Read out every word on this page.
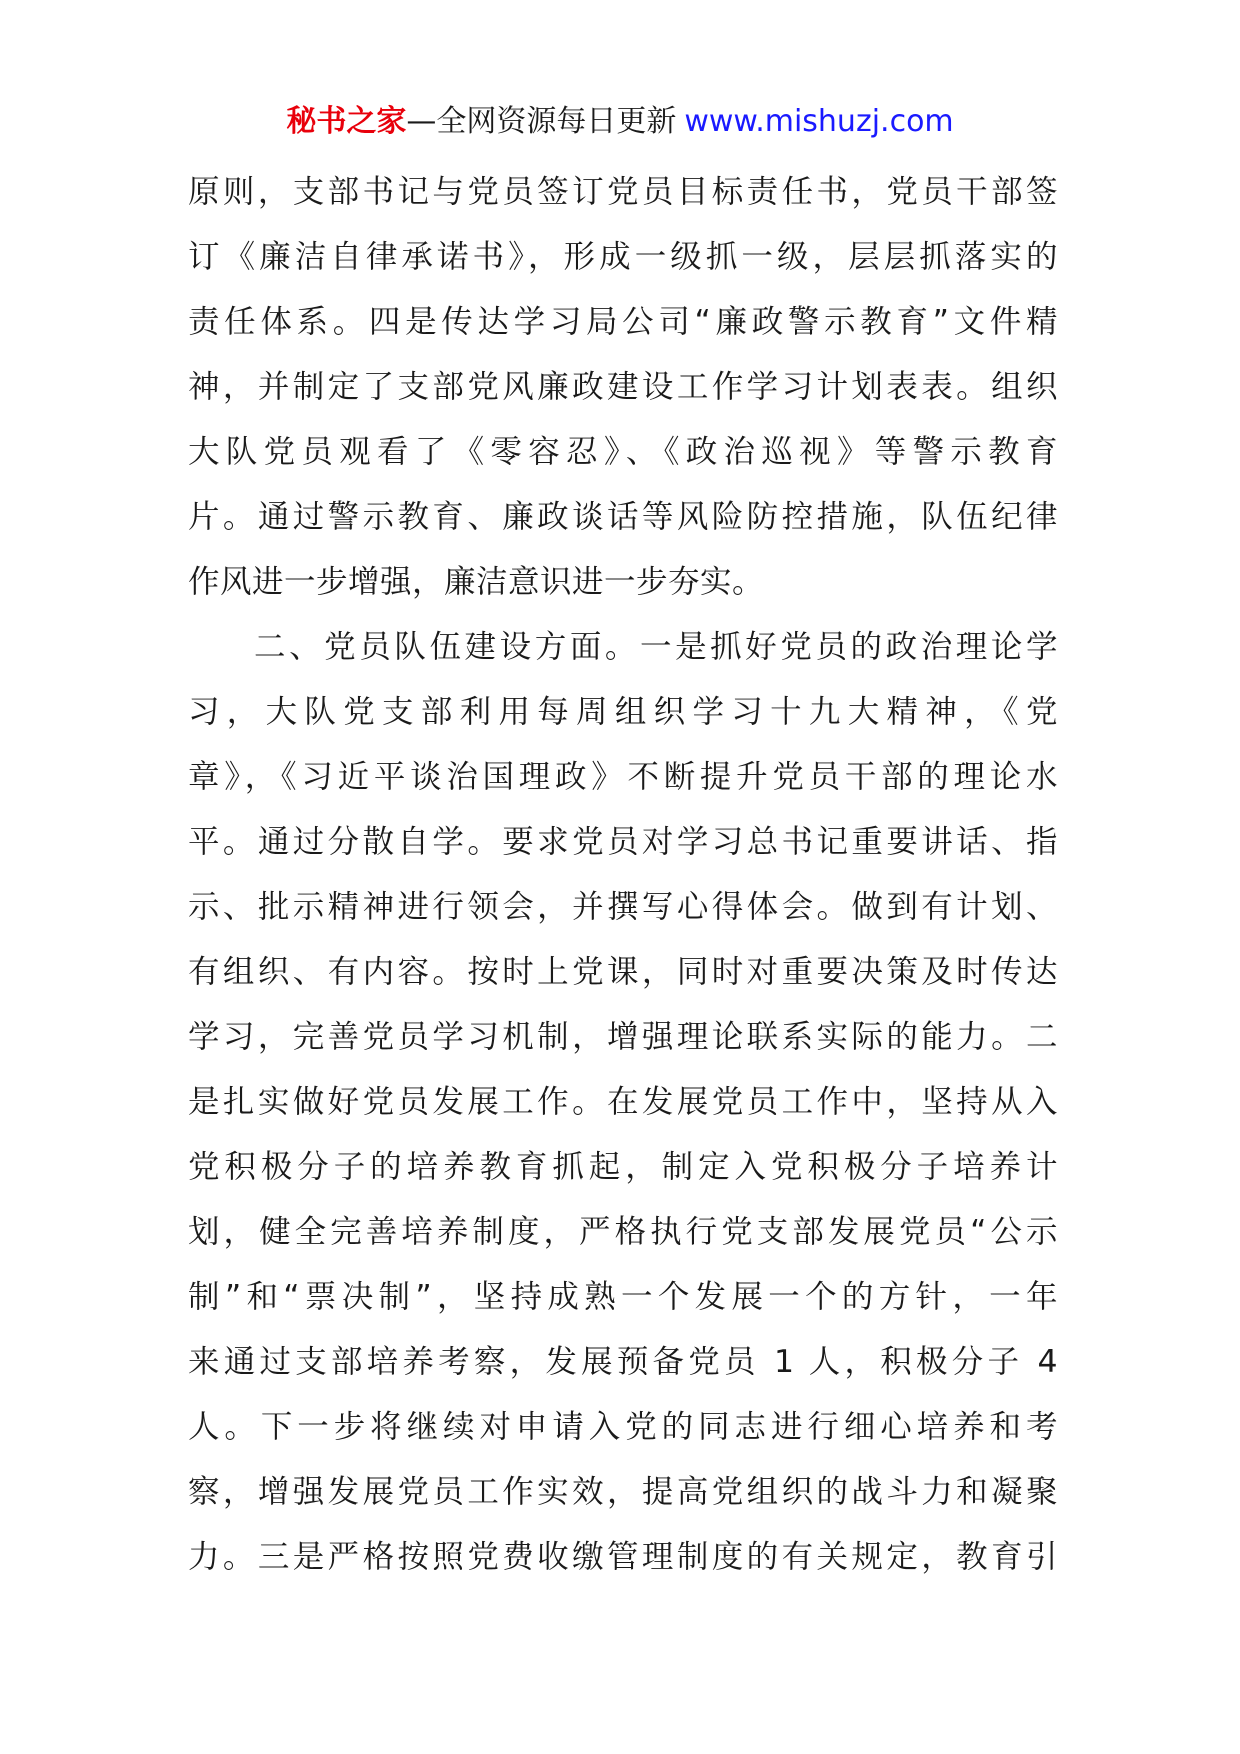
秘书之家—全网资源每日更新 www.mishuzj.com
原则，支部书记与党员签订党员目标责任书，党员干部签
订《廉洁自律承诺书》，形成一级抓一级，层层抓落实的
责任体系。四是传达学习局公司“廉政警示教育”文件精
神，并制定了支部党风廉政建设工作学习计划表表。组织
大队党员观看了《零容忍》、《政治巡视》等警示教育
片。通过警示教育、廉政谈话等风险防控措施，队伍纪律
作风进一步增强，廉洁意识进一步夯实。
二、党员队伍建设方面。一是抓好党员的政治理论学
习，大队党支部利用每周组织学习十九大精神，《党
章》，《习近平谈治国理政》不断提升党员干部的理论水
平。通过分散自学。要求党员对学习总书记重要讲话、指
示、批示精神进行领会，并撰写心得体会。做到有计划、
有组织、有内容。按时上党课，同时对重要决策及时传达
学习，完善党员学习机制，增强理论联系实际的能力。二
是扎实做好党员发展工作。在发展党员工作中，坚持从入
党积极分子的培养教育抓起，制定入党积极分子培养计
划，健全完善培养制度，严格执行党支部发展党员“公示
制”和“票决制”，坚持成熟一个发展一个的方针，一年
来通过支部培养考察，发展预备党员 1 人，积极分子 4
人。下一步将继续对申请入党的同志进行细心培养和考
察，增强发展党员工作实效，提高党组织的战斗力和凝聚
力。三是严格按照党费收缴管理制度的有关规定，教育引
